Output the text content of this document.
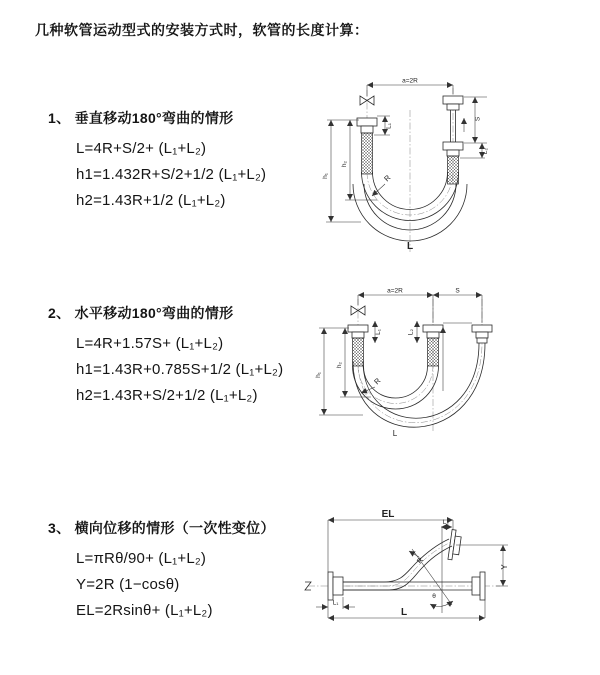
几种软管运动型式的安装方式时，软管的长度计算：
1、 垂直移动180°弯曲的情形
L=4R+S/2+ (L₁+L₂)
h1=1.432R+S/2+1/2 (L₁+L₂)
h2=1.43R+1/2 (L₁+L₂)
a=2R
h₂
h₁
L₁
S
L₂
R
L
2、 水平移动180°弯曲的情形
L=4R+1.57S+ (L₁+L₂)
h1=1.43R+0.785S+1/2 (L₁+L₂)
h2=1.43R+S/2+1/2 (L₁+L₂)
a=2R	S
h₂
h₁
L₁	L₂
R
L
3、 横向位移的情形（一次性变位）
L=πRθ/90+ (L₁+L₂)
Y=2R (1−cosθ)
EL=2Rsinθ+ (L₁+L₂)
EL
L₂
R
θ
Y
L
L₁
